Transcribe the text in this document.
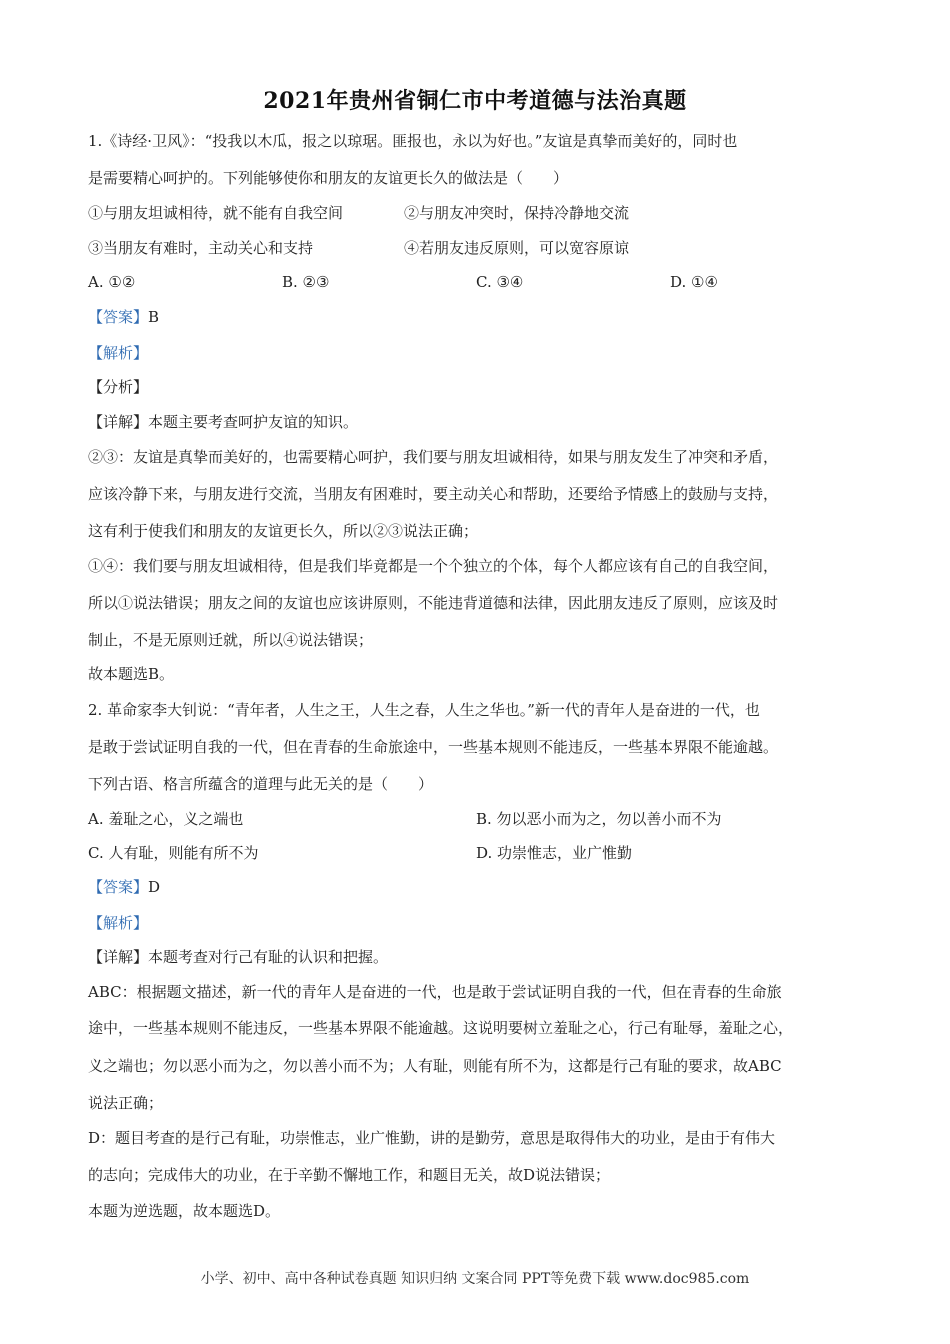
2021年贵州省铜仁市中考道德与法治真题
1.《诗经·卫风》：“投我以木瓜，报之以琼琚。匪报也，永以为好也。”友谊是真挚而美好的，同时也
是需要精心呵护的。下列能够使你和朋友的友谊更长久的做法是（　　）
①与朋友坦诚相待，就不能有自我空间	②与朋友冲突时，保持冷静地交流
③当朋友有难时，主动关心和支持	④若朋友违反原则，可以宽容原谅
A. ①②	B. ②③	C. ③④	D. ①④
【答案】B
【解析】
【分析】
【详解】本题主要考查呵护友谊的知识。
②③：友谊是真挚而美好的，也需要精心呵护，我们要与朋友坦诚相待，如果与朋友发生了冲突和矛盾，
应该冷静下来，与朋友进行交流，当朋友有困难时，要主动关心和帮助，还要给予情感上的鼓励与支持，
这有利于使我们和朋友的友谊更长久，所以②③说法正确；
①④：我们要与朋友坦诚相待，但是我们毕竟都是一个个独立的个体，每个人都应该有自己的自我空间，
所以①说法错误；朋友之间的友谊也应该讲原则，不能违背道德和法律，因此朋友违反了原则，应该及时
制止，不是无原则迁就，所以④说法错误；
故本题选B。
2. 革命家李大钊说：“青年者，人生之王，人生之春，人生之华也。”新一代的青年人是奋进的一代，也
是敢于尝试证明自我的一代，但在青春的生命旅途中，一些基本规则不能违反，一些基本界限不能逾越。
下列古语、格言所蕴含的道理与此无关的是（　　）
A. 羞耻之心，义之端也	B. 勿以恶小而为之，勿以善小而不为
C. 人有耻，则能有所不为	D. 功崇惟志，业广惟勤
【答案】D
【解析】
【详解】本题考查对行己有耻的认识和把握。
ABC：根据题文描述，新一代的青年人是奋进的一代，也是敢于尝试证明自我的一代，但在青春的生命旅
途中，一些基本规则不能违反，一些基本界限不能逾越。这说明要树立羞耻之心，行己有耻辱，羞耻之心，
义之端也；勿以恶小而为之，勿以善小而不为；人有耻，则能有所不为，这都是行己有耻的要求，故ABC
说法正确；
D：题目考查的是行己有耻，功崇惟志，业广惟勤，讲的是勤劳，意思是取得伟大的功业，是由于有伟大
的志向；完成伟大的功业，在于辛勤不懈地工作，和题目无关，故D说法错误；
本题为逆选题，故本题选D。
小学、初中、高中各种试卷真题 知识归纳 文案合同 PPT等免费下载 www.doc985.com
